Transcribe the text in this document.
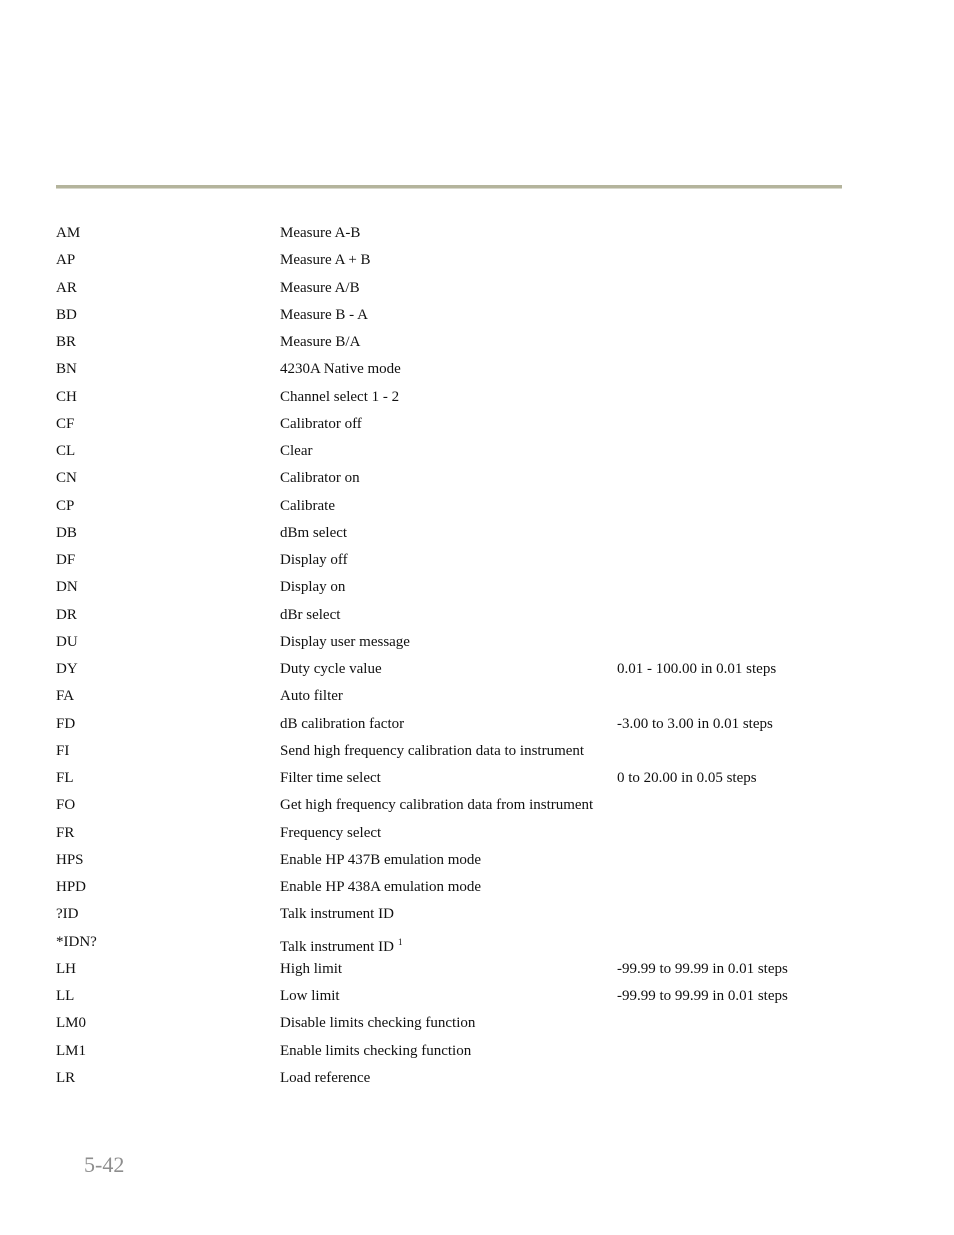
AM	Measure A-B
AP	Measure A + B
AR	Measure A/B
BD	Measure B - A
BR	Measure B/A
BN	4230A Native mode
CH	Channel select 1 - 2
CF	Calibrator off
CL	Clear
CN	Calibrator on
CP	Calibrate
DB	dBm select
DF	Display off
DN	Display on
DR	dBr select
DU	Display user message
DY	Duty cycle value	0.01 - 100.00 in 0.01 steps
FA	Auto filter
FD	dB calibration factor	-3.00 to 3.00 in 0.01 steps
FI	Send high frequency calibration data to instrument
FL	Filter time select	0 to 20.00 in 0.05 steps
FO	Get high frequency calibration data from instrument
FR	Frequency select
HPS	Enable HP 437B emulation mode
HPD	Enable HP 438A emulation mode
?ID	Talk instrument ID
*IDN?	Talk instrument ID $^1$
LH	High limit	-99.99 to 99.99 in 0.01 steps
LL	Low limit	-99.99 to 99.99 in 0.01 steps
LM0	Disable limits checking function
LM1	Enable limits checking function
LR	Load reference
5-42
